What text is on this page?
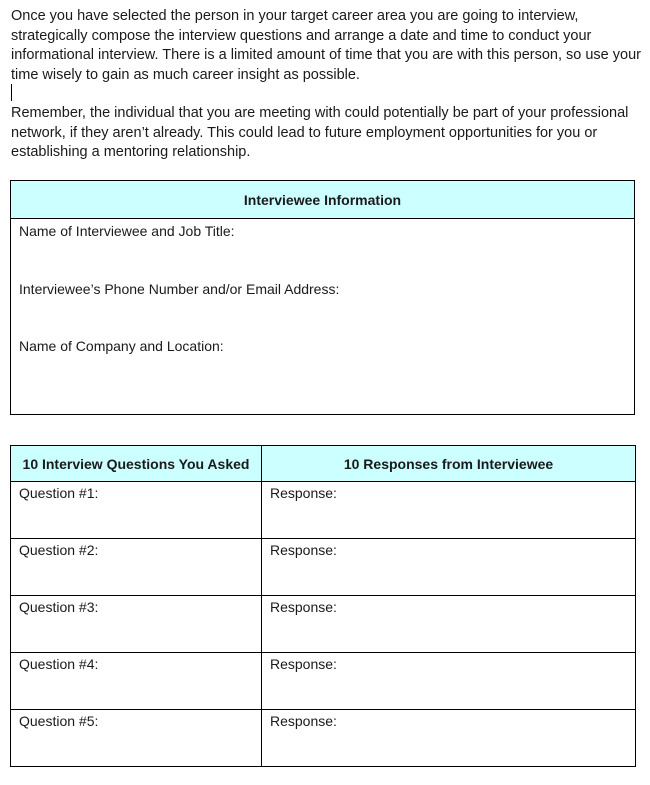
Once you have selected the person in your target career area you are going to interview, strategically compose the interview questions and arrange a date and time to conduct your informational interview. There is a limited amount of time that you are with this person, so use your time wisely to gain as much career insight as possible.

Remember, the individual that you are meeting with could potentially be part of your professional network, if they aren’t already. This could lead to future employment opportunities for you or establishing a mentoring relationship.

Interviewee Information

Name of Interviewee and Job Title:
Interviewee’s Phone Number and/or Email Address:
Name of Company and Location:
10 Interview Questions You Asked	10 Responses from Interviewee
Question #1:	Response:
Question #2:	Response:
Question #3:	Response:
Question #4:	Response:
Question #5:	Response:
